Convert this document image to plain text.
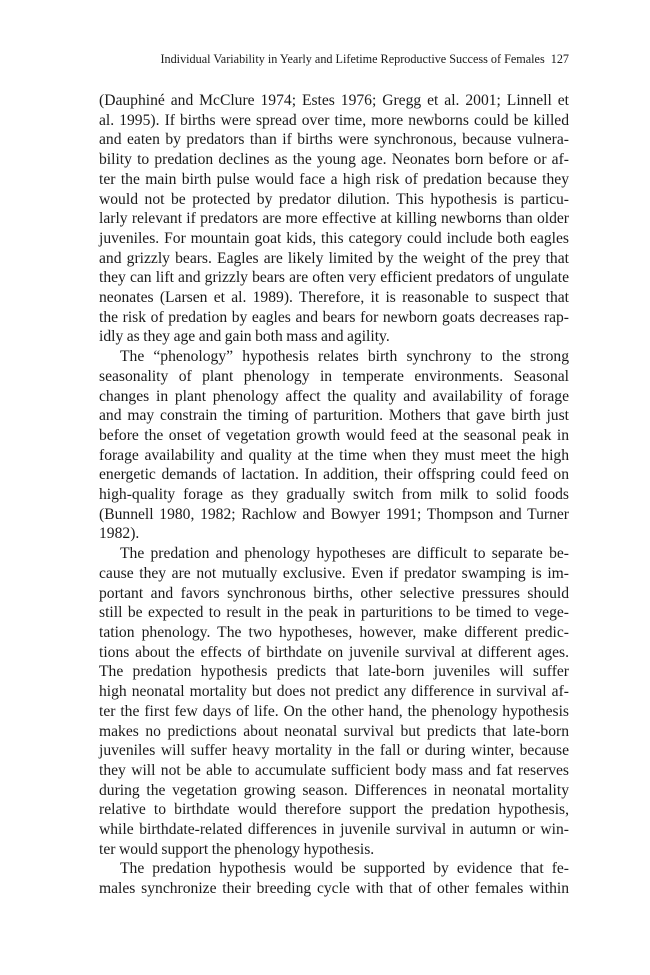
Individual Variability in Yearly and Lifetime Reproductive Success of Females 127
(Dauphiné and McClure 1974; Estes 1976; Gregg et al. 2001; Linnell et
al. 1995). If births were spread over time, more newborns could be killed
and eaten by predators than if births were synchronous, because vulnera-
bility to predation declines as the young age. Neonates born before or af-
ter the main birth pulse would face a high risk of predation because they
would not be protected by predator dilution. This hypothesis is particu-
larly relevant if predators are more effective at killing newborns than older
juveniles. For mountain goat kids, this category could include both eagles
and grizzly bears. Eagles are likely limited by the weight of the prey that
they can lift and grizzly bears are often very efficient predators of ungulate
neonates (Larsen et al. 1989). Therefore, it is reasonable to suspect that
the risk of predation by eagles and bears for newborn goats decreases rap-
idly as they age and gain both mass and agility.
The “phenology” hypothesis relates birth synchrony to the strong
seasonality of plant phenology in temperate environments. Seasonal
changes in plant phenology affect the quality and availability of forage
and may constrain the timing of parturition. Mothers that gave birth just
before the onset of vegetation growth would feed at the seasonal peak in
forage availability and quality at the time when they must meet the high
energetic demands of lactation. In addition, their offspring could feed on
high-quality forage as they gradually switch from milk to solid foods
(Bunnell 1980, 1982; Rachlow and Bowyer 1991; Thompson and Turner
1982).
The predation and phenology hypotheses are difficult to separate be-
cause they are not mutually exclusive. Even if predator swamping is im-
portant and favors synchronous births, other selective pressures should
still be expected to result in the peak in parturitions to be timed to vege-
tation phenology. The two hypotheses, however, make different predic-
tions about the effects of birthdate on juvenile survival at different ages.
The predation hypothesis predicts that late-born juveniles will suffer
high neonatal mortality but does not predict any difference in survival af-
ter the first few days of life. On the other hand, the phenology hypothesis
makes no predictions about neonatal survival but predicts that late-born
juveniles will suffer heavy mortality in the fall or during winter, because
they will not be able to accumulate sufficient body mass and fat reserves
during the vegetation growing season. Differences in neonatal mortality
relative to birthdate would therefore support the predation hypothesis,
while birthdate-related differences in juvenile survival in autumn or win-
ter would support the phenology hypothesis.
The predation hypothesis would be supported by evidence that fe-
males synchronize their breeding cycle with that of other females within
